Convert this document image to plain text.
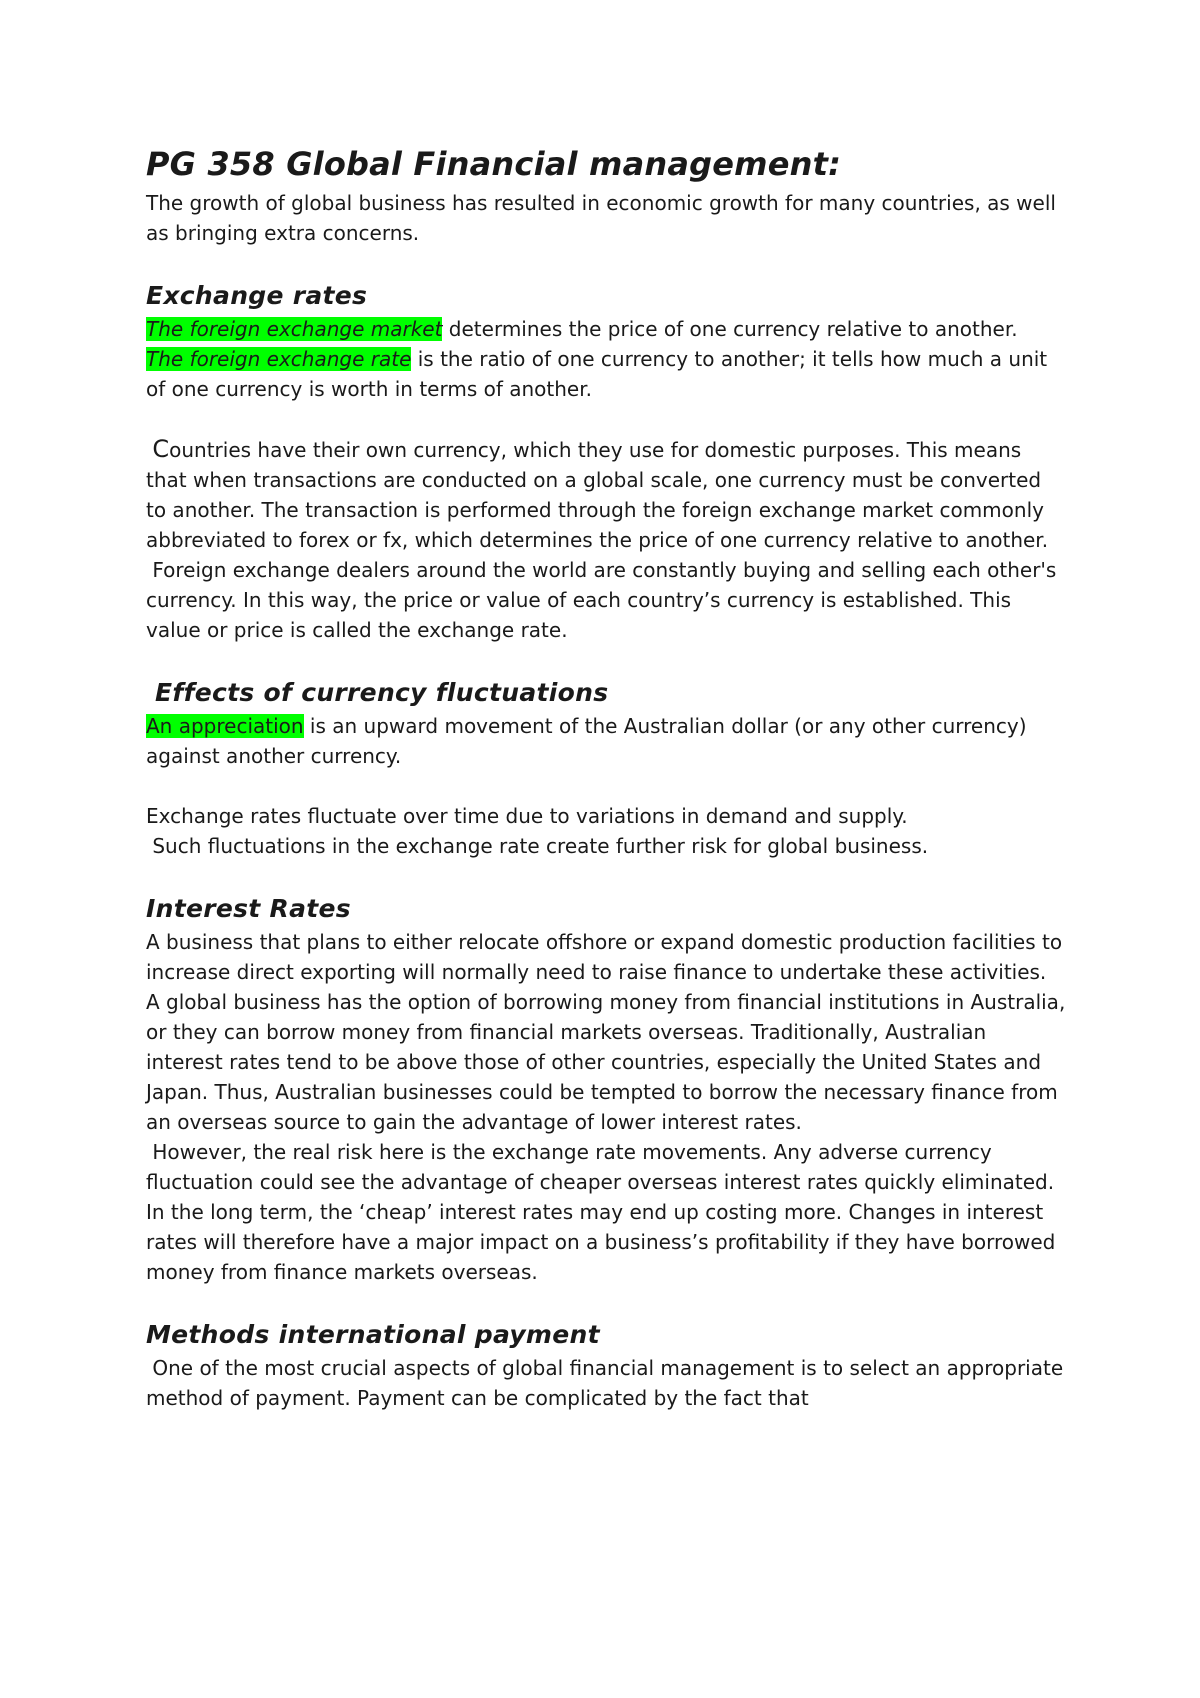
PG 358 Global Financial management:

The growth of global business has resulted in economic growth for many countries, as well as bringing extra concerns.

Exchange rates

The foreign exchange market determines the price of one currency relative to another.

The foreign exchange rate is the ratio of one currency to another; it tells how much a unit of one currency is worth in terms of another.

Countries have their own currency, which they use for domestic purposes. This means that when transactions are conducted on a global scale, one currency must be converted to another. The transaction is performed through the foreign exchange market commonly abbreviated to forex or fx, which determines the price of one currency relative to another.

Foreign exchange dealers around the world are constantly buying and selling each other's currency. In this way, the price or value of each country’s currency is established. This value or price is called the exchange rate.

Effects of currency fluctuations

An appreciation is an upward movement of the Australian dollar (or any other currency) against another currency.

Exchange rates fluctuate over time due to variations in demand and supply.

Such fluctuations in the exchange rate create further risk for global business.

Interest Rates

A business that plans to either relocate offshore or expand domestic production facilities to increase direct exporting will normally need to raise finance to undertake these activities. A global business has the option of borrowing money from financial institutions in Australia, or they can borrow money from financial markets overseas. Traditionally, Australian interest rates tend to be above those of other countries, especially the United States and Japan. Thus, Australian businesses could be tempted to borrow the necessary finance from an overseas source to gain the advantage of lower interest rates.

However, the real risk here is the exchange rate movements. Any adverse currency fluctuation could see the advantage of cheaper overseas interest rates quickly eliminated. In the long term, the ‘cheap’ interest rates may end up costing more. Changes in interest rates will therefore have a major impact on a business’s profitability if they have borrowed money from finance markets overseas.

Methods international payment

One of the most crucial aspects of global financial management is to select an appropriate method of payment. Payment can be complicated by the fact that
